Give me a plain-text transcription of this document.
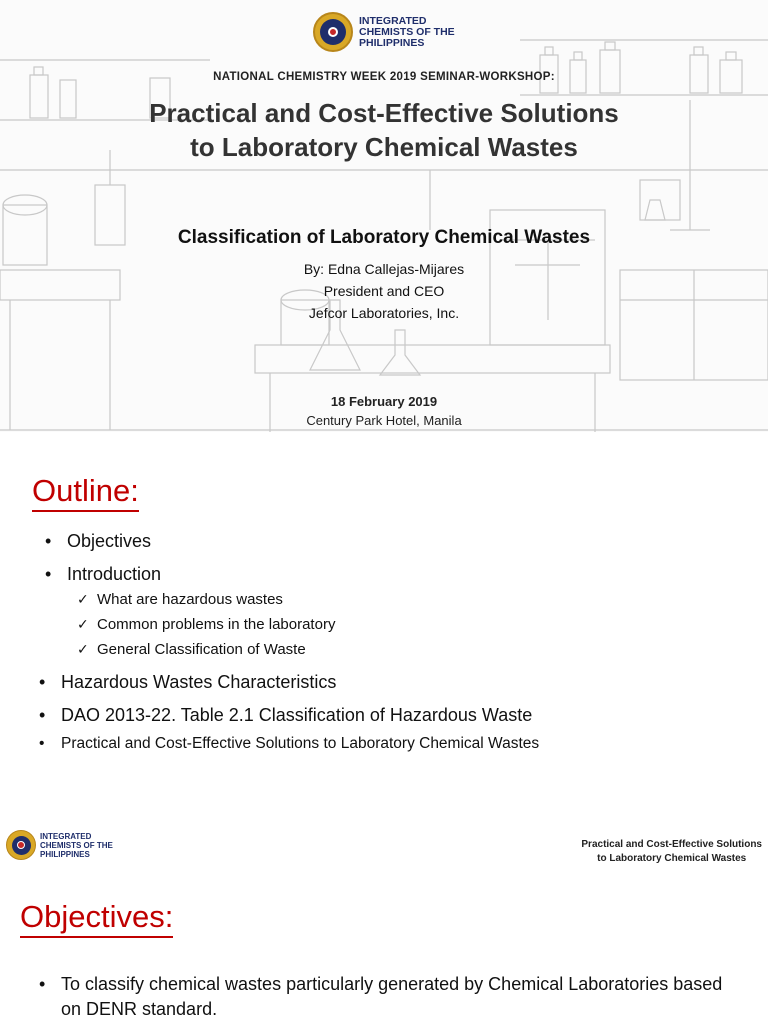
INTEGRATED
CHEMISTS OF THE
PHILIPPINES
NATIONAL CHEMISTRY WEEK 2019 SEMINAR-WORKSHOP:
Practical and Cost-Effective Solutions
to Laboratory Chemical Wastes
Classification of Laboratory Chemical Wastes
By: Edna Callejas-Mijares
President and CEO
Jefcor Laboratories, Inc.
18 February 2019
Century Park Hotel, Manila
Outline:
• Objectives
• Introduction
✓ What are hazardous wastes
✓ Common problems in the laboratory
✓ General Classification of Waste
• Hazardous Wastes Characteristics
• DAO 2013-22. Table 2.1 Classification of Hazardous Waste
• Practical and Cost-Effective Solutions to Laboratory Chemical Wastes
INTEGRATED
CHEMISTS OF THE
PHILIPPINES
Practical and Cost-Effective Solutions
to Laboratory Chemical Wastes
Objectives:
• To classify chemical wastes particularly generated by Chemical Laboratories based on DENR standard.
